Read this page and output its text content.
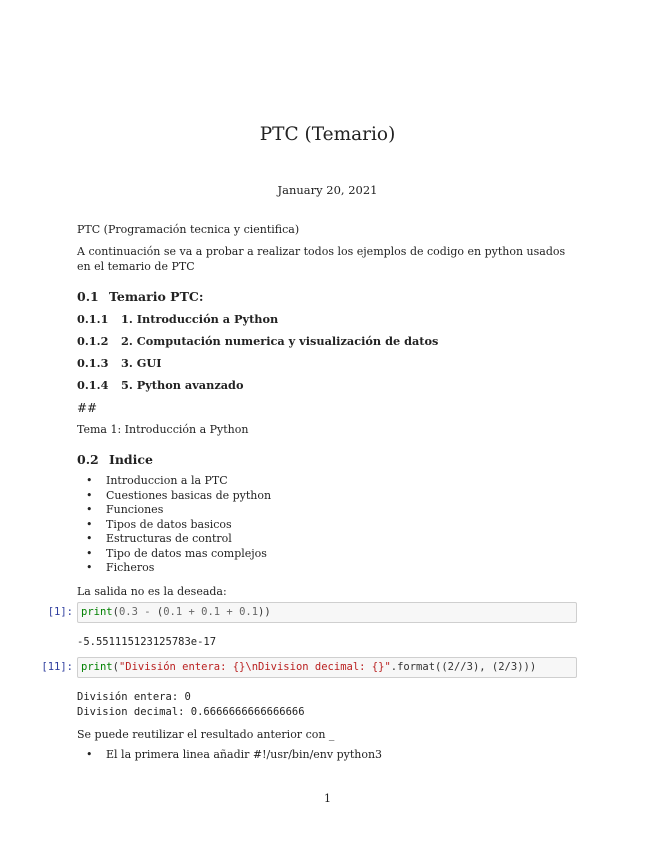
PTC (Temario)
January 20, 2021
PTC (Programación tecnica y cientifica)
A continuación se va a probar a realizar todos los ejemplos de codigo en python usados en el temario de PTC
0.1 Temario PTC:
0.1.1 1. Introducción a Python
0.1.2 2. Computación numerica y visualización de datos
0.1.3 3. GUI
0.1.4 5. Python avanzado
##
Tema 1: Introducción a Python
0.2 Indice
• Introduccion a la PTC
• Cuestiones basicas de python
• Funciones
• Tipos de datos basicos
• Estructuras de control
• Tipo de datos mas complejos
• Ficheros
La salida no es la deseada:
[1]: print(0.3 - (0.1 + 0.1 + 0.1))
-5.551115123125783e-17
[11]: print("División entera: {}\nDivision decimal: {}".format((2//3), (2/3)))
División entera: 0
Division decimal: 0.6666666666666666
Se puede reutilizar el resultado anterior con _
• El la primera linea añadir #!/usr/bin/env python3
1
